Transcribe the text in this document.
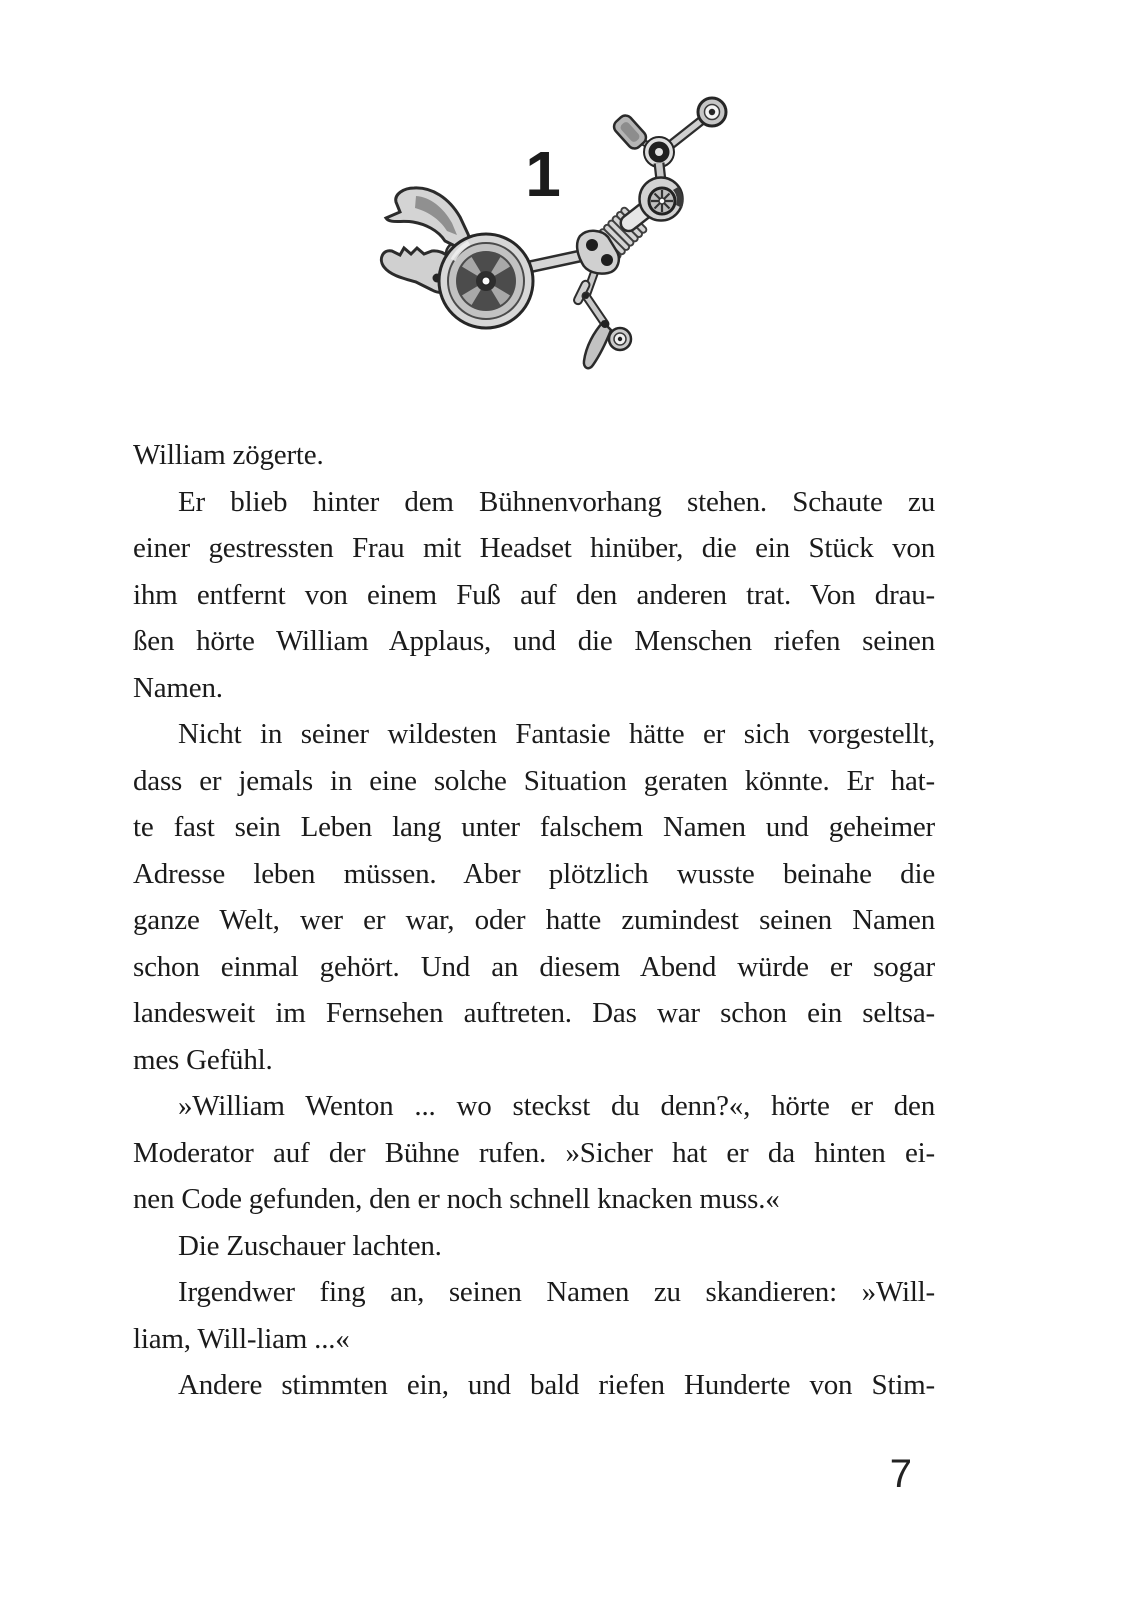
1
William zögerte.
Er blieb hinter dem Bühnenvorhang stehen. Schaute zu
einer gestressten Frau mit Headset hinüber, die ein Stück von
ihm entfernt von einem Fuß auf den anderen trat. Von drau-
ßen hörte William Applaus, und die Menschen riefen seinen
Namen.
Nicht in seiner wildesten Fantasie hätte er sich vorgestellt,
dass er jemals in eine solche Situation geraten könnte. Er hat-
te fast sein Leben lang unter falschem Namen und geheimer
Adresse leben müssen. Aber plötzlich wusste beinahe die
ganze Welt, wer er war, oder hatte zumindest seinen Namen
schon einmal gehört. Und an diesem Abend würde er sogar
landesweit im Fernsehen auftreten. Das war schon ein seltsa-
mes Gefühl.
»William Wenton ... wo steckst du denn?«, hörte er den
Moderator auf der Bühne rufen. »Sicher hat er da hinten ei-
nen Code gefunden, den er noch schnell knacken muss.«
Die Zuschauer lachten.
Irgendwer fing an, seinen Namen zu skandieren: »Will-
liam, Will-liam ...«
Andere stimmten ein, und bald riefen Hunderte von Stim-
7
